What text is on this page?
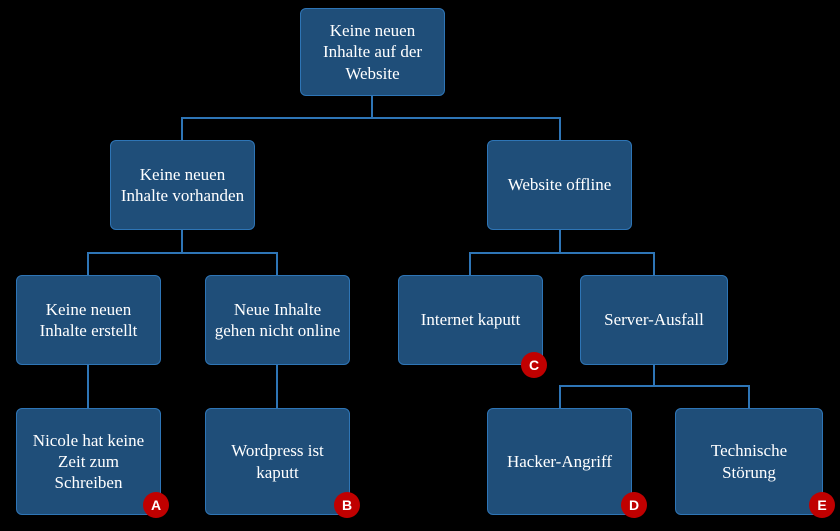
Keine neuen Inhalte auf der Website
Keine neuen Inhalte vorhanden
Website offline
Keine neuen Inhalte erstellt
Neue Inhalte gehen nicht online
Internet kaputt	Server-Ausfall
Nicole hat keine Zeit zum Schreiben
Wordpress ist kaputt
Hacker-Angriff
Technische Störung
A	B
C
D	E
